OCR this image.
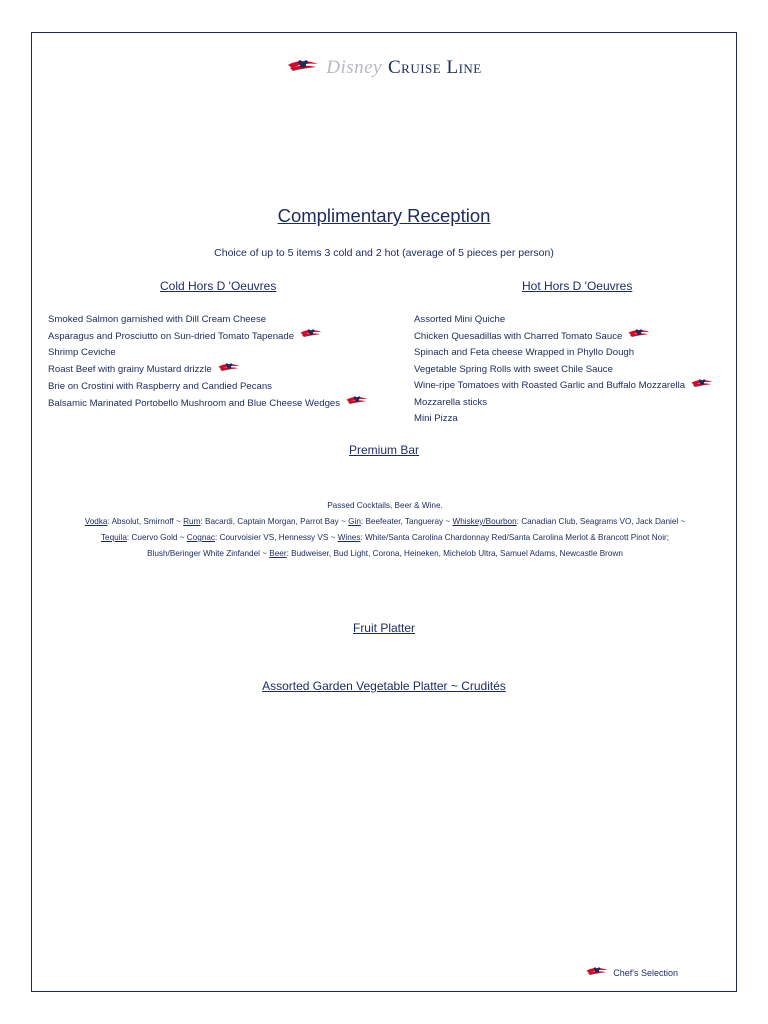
Disney Cruise Line
Complimentary Reception
Choice of up to 5 items 3 cold and 2 hot (average of 5 pieces per person)
Cold Hors D 'Oeuvres	Hot Hors D 'Oeuvres
Smoked Salmon garnished with Dill Cream Cheese
Asparagus and Prosciutto on Sun-dried Tomato Tapenade
Shrimp Ceviche
Roast Beef with grainy Mustard drizzle
Brie on Crostini with Raspberry and Candied Pecans
Balsamic Marinated Portobello Mushroom and Blue Cheese Wedges
Assorted Mini Quiche
Chicken Quesadillas with Charred Tomato Sauce
Spinach and Feta cheese Wrapped in Phyllo Dough
Vegetable Spring Rolls with sweet Chile Sauce
Wine-ripe Tomatoes with Roasted Garlic and Buffalo Mozzarella
Mozzarella sticks
Mini Pizza
Premium Bar
Passed Cocktails, Beer & Wine.
Vodka: Absolut, Smirnoff ~ Rum: Bacardi, Captain Morgan, Parrot Bay ~ Gin: Beefeater, Tangueray ~ Whiskey/Bourbon: Canadian Club, Seagrams VO, Jack Daniel ~ Tequila: Cuervo Gold ~ Cognac: Courvoisier VS, Hennessy VS ~ Wines: White/Santa Carolina Chardonnay Red/Santa Carolina Merlot & Brancott Pinot Noir; Blush/Beringer White Zinfandel ~ Beer: Budweiser, Bud Light, Corona, Heineken, Michelob Ultra, Samuel Adams, Newcastle Brown
Fruit Platter
Assorted Garden Vegetable Platter ~ Crudités
Chef's Selection
